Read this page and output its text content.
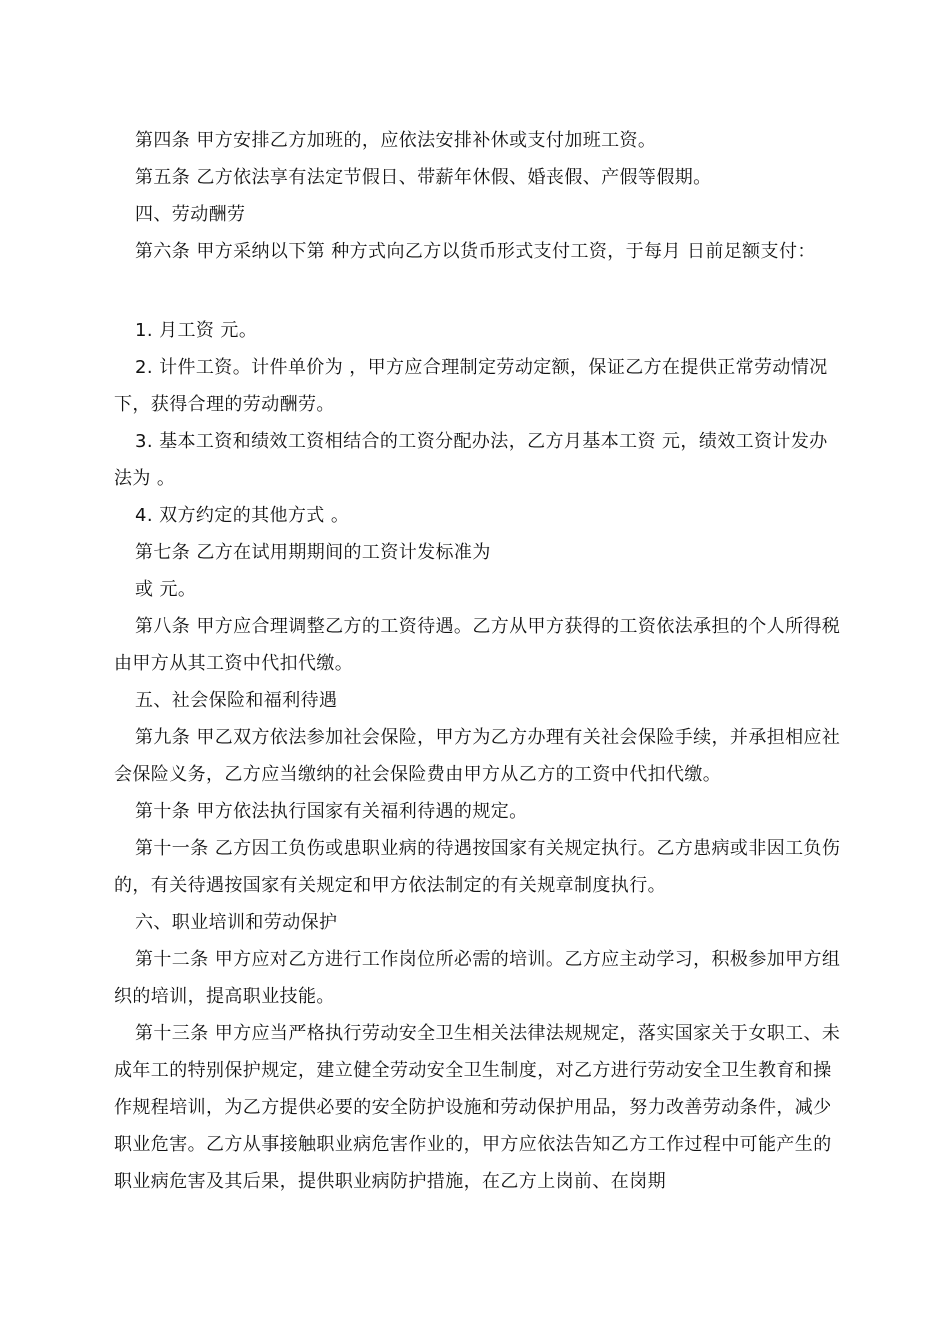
第四条 甲方安排乙方加班的，应依法安排补休或支付加班工资。

第五条 乙方依法享有法定节假日、带薪年休假、婚丧假、产假等假期。

四、劳动酬劳

第六条 甲方采纳以下第 种方式向乙方以货币形式支付工资，于每月 日前足额支付：

1. 月工资 元。

2. 计件工资。计件单价为 ，甲方应合理制定劳动定额，保证乙方在提供正常劳动情况下，获得合理的劳动酬劳。

3. 基本工资和绩效工资相结合的工资分配办法，乙方月基本工资 元，绩效工资计发办法为 。

4. 双方约定的其他方式 。

第七条 乙方在试用期期间的工资计发标准为

或 元。

第八条 甲方应合理调整乙方的工资待遇。乙方从甲方获得的工资依法承担的个人所得税由甲方从其工资中代扣代缴。

五、社会保险和福利待遇

第九条 甲乙双方依法参加社会保险，甲方为乙方办理有关社会保险手续，并承担相应社会保险义务，乙方应当缴纳的社会保险费由甲方从乙方的工资中代扣代缴。

第十条 甲方依法执行国家有关福利待遇的规定。

第十一条 乙方因工负伤或患职业病的待遇按国家有关规定执行。乙方患病或非因工负伤的，有关待遇按国家有关规定和甲方依法制定的有关规章制度执行。

六、职业培训和劳动保护

第十二条 甲方应对乙方进行工作岗位所必需的培训。乙方应主动学习，积极参加甲方组织的培训，提高职业技能。

第十三条 甲方应当严格执行劳动安全卫生相关法律法规规定，落实国家关于女职工、未成年工的特别保护规定，建立健全劳动安全卫生制度，对乙方进行劳动安全卫生教育和操作规程培训，为乙方提供必要的安全防护设施和劳动保护用品，努力改善劳动条件，减少职业危害。乙方从事接触职业病危害作业的，甲方应依法告知乙方工作过程中可能产生的职业病危害及其后果，提供职业病防护措施，在乙方上岗前、在岗期
